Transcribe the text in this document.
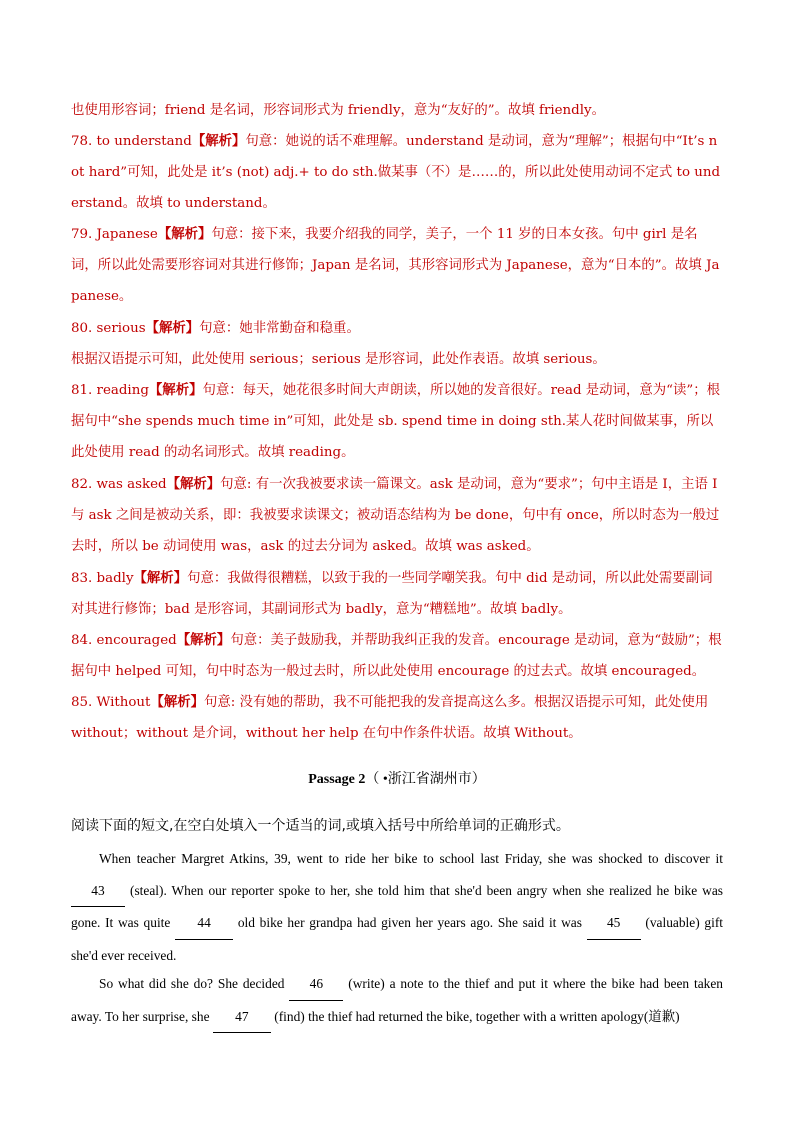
也使用形容词；friend 是名词，形容词形式为 friendly，意为“友好的”。故填 friendly。
78. to understand【解析】句意：她说的话不难理解。understand 是动词，意为“理解”；根据句中“It’s not hard”可知，此处是 it’s (not) adj.+ to do sth.做某事（不）是……的，所以此处使用动词不定式 to understand。故填 to understand。
79. Japanese【解析】句意：接下来，我要介绍我的同学，美子，一个 11 岁的日本女孩。句中 girl 是名词，所以此处需要形容词对其进行修饰；Japan 是名词，其形容词形式为 Japanese，意为“日本的”。故填 Japanese。
80. serious【解析】句意：她非常勤奋和稳重。
根据汉语提示可知，此处使用 serious；serious 是形容词，此处作表语。故填 serious。
81. reading【解析】句意：每天，她花很多时间大声朗读，所以她的发音很好。read 是动词，意为“读”；根据句中“she spends much time in”可知，此处是 sb. spend time in doing sth.某人花时间做某事，所以此处使用 read 的动名词形式。故填 reading。
82. was asked【解析】句意: 有一次我被要求读一篇课文。ask 是动词，意为“要求”；句中主语是 I，主语 I 与 ask 之间是被动关系，即：我被要求读课文；被动语态结构为 be done，句中有 once，所以时态为一般过去时，所以 be 动词使用 was，ask 的过去分词为 asked。故填 was asked。
83. badly【解析】句意：我做得很糟糕，以致于我的一些同学嘲笑我。句中 did 是动词，所以此处需要副词对其进行修饰；bad 是形容词，其副词形式为 badly，意为“糟糕地”。故填 badly。
84. encouraged【解析】句意：美子鼓励我，并帮助我纠正我的发音。encourage 是动词，意为“鼓励”；根据句中 helped 可知，句中时态为一般过去时，所以此处使用 encourage 的过去式。故填 encouraged。
85. Without【解析】句意: 没有她的帮助，我不可能把我的发音提高这么多。根据汉语提示可知，此处使用 without；without 是介词，without her help 在句中作条件状语。故填 Without。
Passage 2（ •浙江省湖州市）
阅读下面的短文,在空白处填入一个适当的词,或填入括号中所给单词的正确形式。
When teacher Margret Atkins, 39, went to ride her bike to school last Friday, she was shocked to discover it 43 (steal). When our reporter spoke to her, she told him that she'd been angry when she realized he bike was gone. It was quite 44 old bike her grandpa had given her years ago. She said it was 45 (valuable) gift she'd ever received.
So what did she do? She decided 46 (write) a note to the thief and put it where the bike had been taken away. To her surprise, she 47 (find) the thief had returned the bike, together with a written apology(道歉)
